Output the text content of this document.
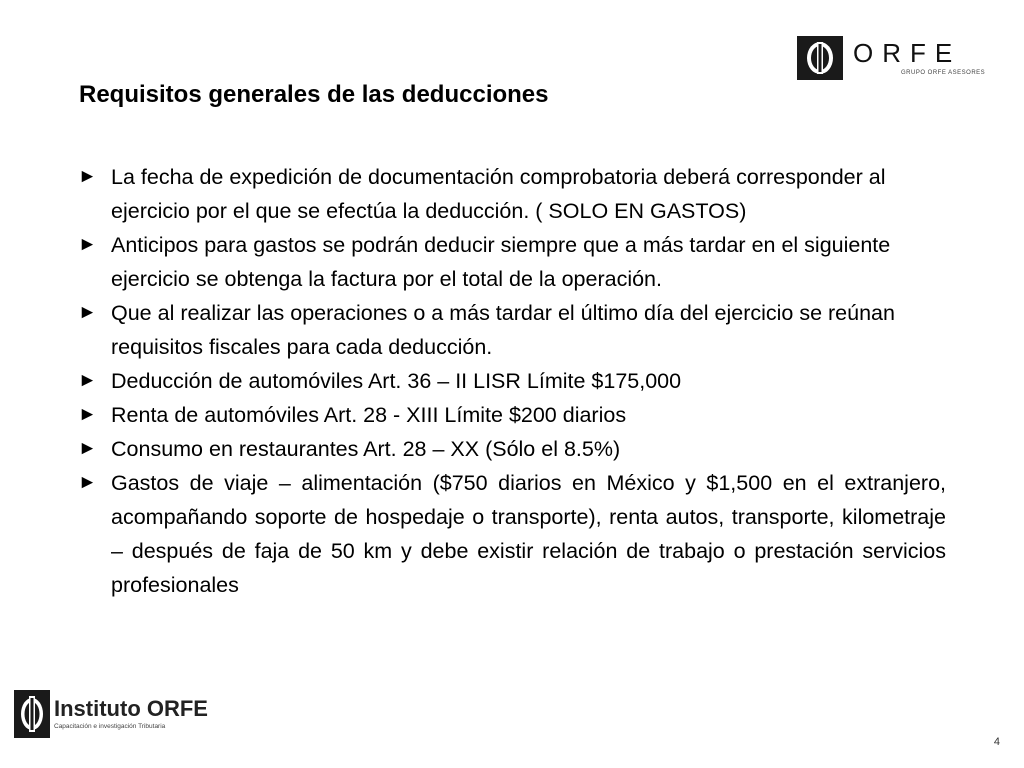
ORFE
GRUPO ORFE ASESORES
Requisitos generales de las deducciones
► La fecha de expedición de documentación comprobatoria deberá corresponder al ejercicio por el que se efectúa la deducción. ( SOLO EN GASTOS)
► Anticipos para gastos se podrán deducir siempre que a más tardar en el siguiente ejercicio se obtenga la factura por el total de la operación.
► Que al realizar las operaciones o a más tardar el último día del ejercicio se reúnan requisitos fiscales para cada deducción.
► Deducción de automóviles Art. 36 – II LISR Límite $175,000
► Renta de automóviles Art. 28 - XIII Límite $200 diarios
► Consumo en restaurantes Art. 28 – XX (Sólo el 8.5%)
► Gastos de viaje – alimentación ($750 diarios en México y $1,500 en el extranjero, acompañando soporte de hospedaje o transporte), renta autos, transporte, kilometraje – después de faja de 50 km y debe existir relación de trabajo o prestación servicios profesionales
Instituto ORFE
Capacitación e investigación Tributaria
4
